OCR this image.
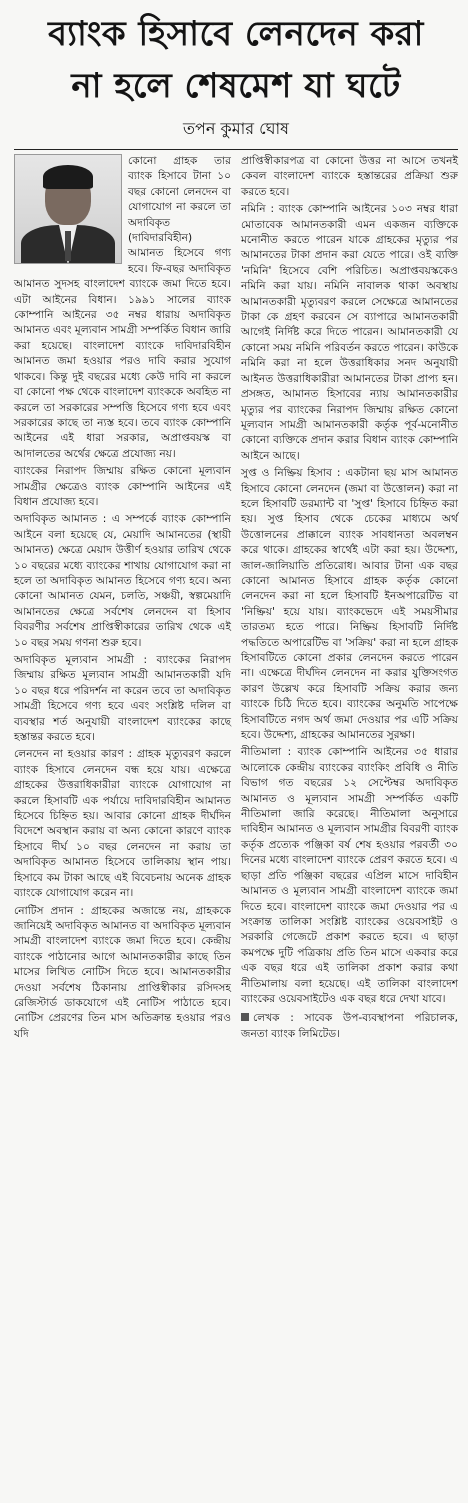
ব্যাংক হিসাবে লেনদেন করা
না হলে শেষমেশ যা ঘটে
তপন কুমার ঘোষ

কোনো গ্রাহক তার ব্যাংক হিসাবে টানা ১০ বছর কোনো লেনদেন বা যোগাযোগ না করলে তা অদাবিকৃত (দাবিদারবিহীন) আমানত হিসেবে গণ্য হবে। ফি-বছর অদাবিকৃত আমানত সুদসহ বাংলাদেশ ব্যাংকে জমা দিতে হবে। এটা আইনের বিধান। ১৯৯১ সালের ব্যাংক কোম্পানি আইনের ৩৫ নম্বর ধারায় অদাবিকৃত আমানত এবং মূল্যবান সামগ্রী সম্পর্কিত বিধান জারি করা হয়েছে। বাংলাদেশ ব্যাংকে দাবিদারবিহীন আমানত জমা হওয়ার পরও দাবি করার সুযোগ থাকবে। কিন্তু দুই বছরের মধ্যে কেউ দাবি না করলে বা কোনো পক্ষ থেকে বাংলাদেশ ব্যাংককে অবহিত না করলে তা সরকারের সম্পত্তি হিসেবে গণ্য হবে এবং সরকারের কাছে তা ন্যস্ত হবে। তবে ব্যাংক কোম্পানি আইনের এই ধারা সরকার, অপ্রাপ্তবয়স্ক বা আদালতের অর্থের ক্ষেত্রে প্রযোজ্য নয়।

ব্যাংকের নিরাপদ জিম্মায় রক্ষিত কোনো মূল্যবান সামগ্রীর ক্ষেত্রেও ব্যাংক কোম্পানি আইনের এই বিধান প্রযোজ্য হবে।

অদাবিকৃত আমানত : এ সম্পর্কে ব্যাংক কোম্পানি আইনে বলা হয়েছে যে, মেয়াদি আমানতের (স্থায়ী আমানত) ক্ষেত্রে মেয়াদ উত্তীর্ণ হওয়ার তারিখ থেকে ১০ বছরের মধ্যে ব্যাংকের শাখায় যোগাযোগ করা না হলে তা অদাবিকৃত আমানত হিসেবে গণ্য হবে। অন্য কোনো আমানত যেমন, চলতি, সঞ্চয়ী, স্বল্পমেয়াদি আমানতের ক্ষেত্রে সর্বশেষ লেনদেন বা হিসাব বিবরণীর সর্বশেষ প্রাপ্তিস্বীকারের তারিখ থেকে এই ১০ বছর সময় গণনা শুরু হবে।

অদাবিকৃত মূল্যবান সামগ্রী : ব্যাংকের নিরাপদ জিম্মায় রক্ষিত মূল্যবান সামগ্রী আমানতকারী যদি ১০ বছর ধরে পরিদর্শন না করেন তবে তা অদাবিকৃত সামগ্রী হিসেবে গণ্য হবে এবং সংশ্লিষ্ট দলিল বা ব্যবস্থার শর্ত অনুযায়ী বাংলাদেশ ব্যাংকের কাছে হস্তান্তর করতে হবে।

লেনদেন না হওয়ার কারণ : গ্রাহক মৃত্যুবরণ করলে ব্যাংক হিসাবে লেনদেন বন্ধ হয়ে যায়। এক্ষেত্রে গ্রাহকের উত্তরাধিকারীরা ব্যাংকে যোগাযোগ না করলে হিসাবটি এক পর্যায়ে দাবিদারবিহীন আমানত হিসেবে চিহ্নিত হয়। আবার কোনো গ্রাহক দীর্ঘদিন বিদেশে অবস্থান করায় বা অন্য কোনো কারণে ব্যাংক হিসাবে দীর্ঘ ১০ বছর লেনদেন না করায় তা অদাবিকৃত আমানত হিসেবে তালিকায় স্থান পায়। হিসাবে কম টাকা আছে এই বিবেচনায় অনেক গ্রাহক ব্যাংকে যোগাযোগ করেন না।

নোটিস প্রদান : গ্রাহকের অজান্তে নয়, গ্রাহককে জানিয়েই অদাবিকৃত আমানত বা অদাবিকৃত মূল্যবান সামগ্রী বাংলাদেশ ব্যাংকে জমা দিতে হবে। কেন্দ্রীয় ব্যাংকে পাঠানোর আগে আমানতকারীর কাছে তিন মাসের লিখিত নোটিস দিতে হবে। আমানতকারীর দেওয়া সর্বশেষ ঠিকানায় প্রাপ্তিস্বীকার রসিদসহ রেজিস্টার্ড ডাকযোগে এই নোটিস পাঠাতে হবে। নোটিস প্রেরণের তিন মাস অতিক্রান্ত হওয়ার পরও যদি

প্রাপ্তিস্বীকারপত্র বা কোনো উত্তর না আসে তখনই কেবল বাংলাদেশ ব্যাংকে হস্তান্তরের প্রক্রিয়া শুরু করতে হবে।

নমিনি : ব্যাংক কোম্পানি আইনের ১০৩ নম্বর ধারা মোতাবেক আমানতকারী এমন একজন ব্যক্তিকে মনোনীত করতে পারেন যাকে গ্রাহকের মৃত্যুর পর আমানতের টাকা প্রদান করা যেতে পারে। ওই ব্যক্তি 'নমিনি' হিসেবে বেশি পরিচিত। অপ্রাপ্তবয়স্ককেও নমিনি করা যায়। নমিনি নাবালক থাকা অবস্থায় আমানতকারী মৃত্যুবরণ করলে সেক্ষেত্রে আমানতের টাকা কে গ্রহণ করবেন সে ব্যাপারে আমানতকারী আগেই নির্দিষ্ট করে দিতে পারেন। আমানতকারী যে কোনো সময় নমিনি পরিবর্তন করতে পারেন। কাউকে নমিনি করা না হলে উত্তরাধিকার সনদ অনুযায়ী আইনত উত্তরাধিকারীরা আমানতের টাকা প্রাপ্য হন। প্রসঙ্গত, আমানত হিসাবের ন্যায় আমানতকারীর মৃত্যুর পর ব্যাংকের নিরাপদ জিম্মায় রক্ষিত কোনো মূল্যবান সামগ্রী আমানতকারী কর্তৃক পূর্ব-মনোনীত কোনো ব্যক্তিকে প্রদান করার বিধান ব্যাংক কোম্পানি আইনে আছে।

সুপ্ত ও নিষ্ক্রিয় হিসাব : একটানা ছয় মাস আমানত হিসাবে কোনো লেনদেন (জমা বা উত্তোলন) করা না হলে হিসাবটি ডরম্যান্ট বা 'সুপ্ত' হিসাবে চিহ্নিত করা হয়। সুপ্ত হিসাব থেকে চেকের মাধ্যমে অর্থ উত্তোলনের প্রাক্কালে ব্যাংক সাবধানতা অবলম্বন করে থাকে। গ্রাহকের স্বার্থেই এটা করা হয়। উদ্দেশ্য, জাল-জালিয়াতি প্রতিরোধ। আবার টানা এক বছর কোনো আমানত হিসাবে গ্রাহক কর্তৃক কোনো লেনদেন করা না হলে হিসাবটি ইনঅপারেটিভ বা 'নিষ্ক্রিয়' হয়ে যায়। ব্যাংকভেদে এই সময়সীমার তারতম্য হতে পারে। নিষ্ক্রিয় হিসাবটি নির্দিষ্ট পদ্ধতিতে অপারেটিভ বা 'সক্রিয়' করা না হলে গ্রাহক হিসাবটিতে কোনো প্রকার লেনদেন করতে পারেন না। এক্ষেত্রে দীর্ঘদিন লেনদেন না করার যুক্তিসংগত কারণ উল্লেখ করে হিসাবটি সক্রিয় করার জন্য ব্যাংকে চিঠি দিতে হবে। ব্যাংকের অনুমতি সাপেক্ষে হিসাবটিতে নগদ অর্থ জমা দেওয়ার পর এটি সক্রিয় হবে। উদ্দেশ্য, গ্রাহকের আমানতের সুরক্ষা।

নীতিমালা : ব্যাংক কোম্পানি আইনের ৩৫ ধারার আলোকে কেন্দ্রীয় ব্যাংকের ব্যাংকিং প্রবিধি ও নীতি বিভাগ গত বছরের ১২ সেপ্টেম্বর অদাবিকৃত আমানত ও মূল্যবান সামগ্রী সম্পর্কিত একটি নীতিমালা জারি করেছে। নীতিমালা অনুসারে দাবিহীন আমানত ও মূল্যবান সামগ্রীর বিবরণী ব্যাংক কর্তৃক প্রত্যেক পঞ্জিকা বর্ষ শেষ হওয়ার পরবর্তী ৩০ দিনের মধ্যে বাংলাদেশ ব্যাংকে প্রেরণ করতে হবে। এ ছাড়া প্রতি পঞ্জিকা বছরের এপ্রিল মাসে দাবিহীন আমানত ও মূল্যবান সামগ্রী বাংলাদেশ ব্যাংকে জমা দিতে হবে। বাংলাদেশ ব্যাংকে জমা দেওয়ার পর এ সংক্রান্ত তালিকা সংশ্লিষ্ট ব্যাংকের ওয়েবসাইট ও সরকারি গেজেটে প্রকাশ করতে হবে। এ ছাড়া কমপক্ষে দুটি পত্রিকায় প্রতি তিন মাসে একবার করে এক বছর ধরে এই তালিকা প্রকাশ করার কথা নীতিমালায় বলা হয়েছে। এই তালিকা বাংলাদেশ ব্যাংকের ওয়েবসাইটেও এক বছর ধরে দেখা যাবে।

লেখক : সাবেক উপ-ব্যবস্থাপনা পরিচালক, জনতা ব্যাংক লিমিটেড।
